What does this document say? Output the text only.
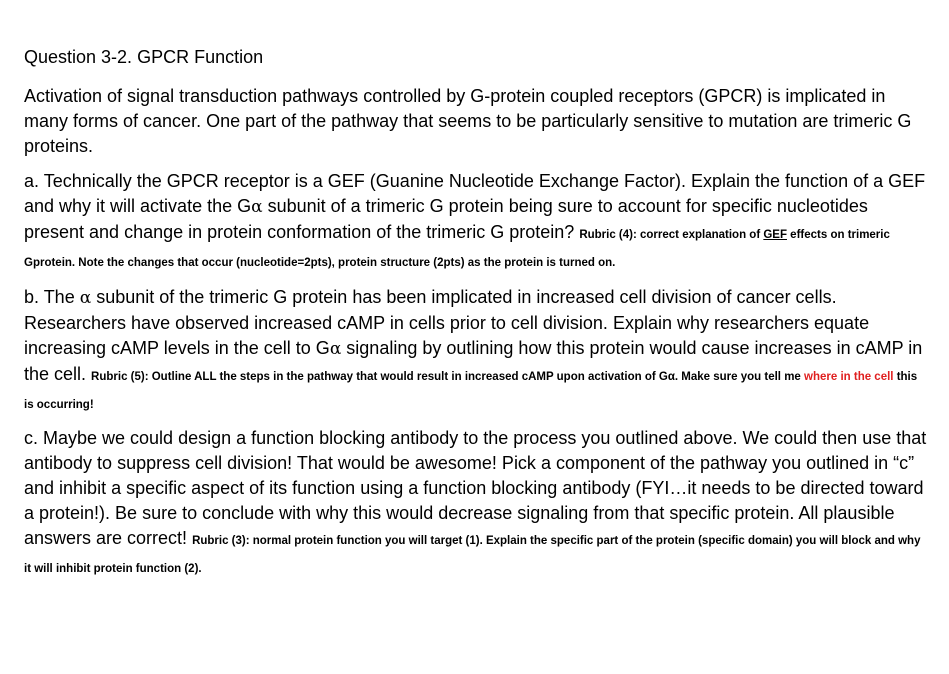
Question 3-2. GPCR Function

Activation of signal transduction pathways controlled by G-protein coupled receptors (GPCR) is implicated in many forms of cancer. One part of the pathway that seems to be particularly sensitive to mutation are trimeric G proteins.

a. Technically the GPCR receptor is a GEF (Guanine Nucleotide Exchange Factor). Explain the function of a GEF and why it will activate the Gα subunit of a trimeric G protein being sure to account for specific nucleotides present and change in protein conformation of the trimeric G protein? Rubric (4): correct explanation of GEF effects on trimeric Gprotein. Note the changes that occur (nucleotide=2pts), protein structure (2pts) as the protein is turned on.

b. The α subunit of the trimeric G protein has been implicated in increased cell division of cancer cells. Researchers have observed increased cAMP in cells prior to cell division. Explain why researchers equate increasing cAMP levels in the cell to Gα signaling by outlining how this protein would cause increases in cAMP in the cell. Rubric (5): Outline ALL the steps in the pathway that would result in increased cAMP upon activation of Gα. Make sure you tell me where in the cell this is occurring!

c. Maybe we could design a function blocking antibody to the process you outlined above. We could then use that antibody to suppress cell division! That would be awesome! Pick a component of the pathway you outlined in “c” and inhibit a specific aspect of its function using a function blocking antibody (FYI…it needs to be directed toward a protein!). Be sure to conclude with why this would decrease signaling from that specific protein. All plausible answers are correct! Rubric (3): normal protein function you will target (1). Explain the specific part of the protein (specific domain) you will block and why it will inhibit protein function (2).
